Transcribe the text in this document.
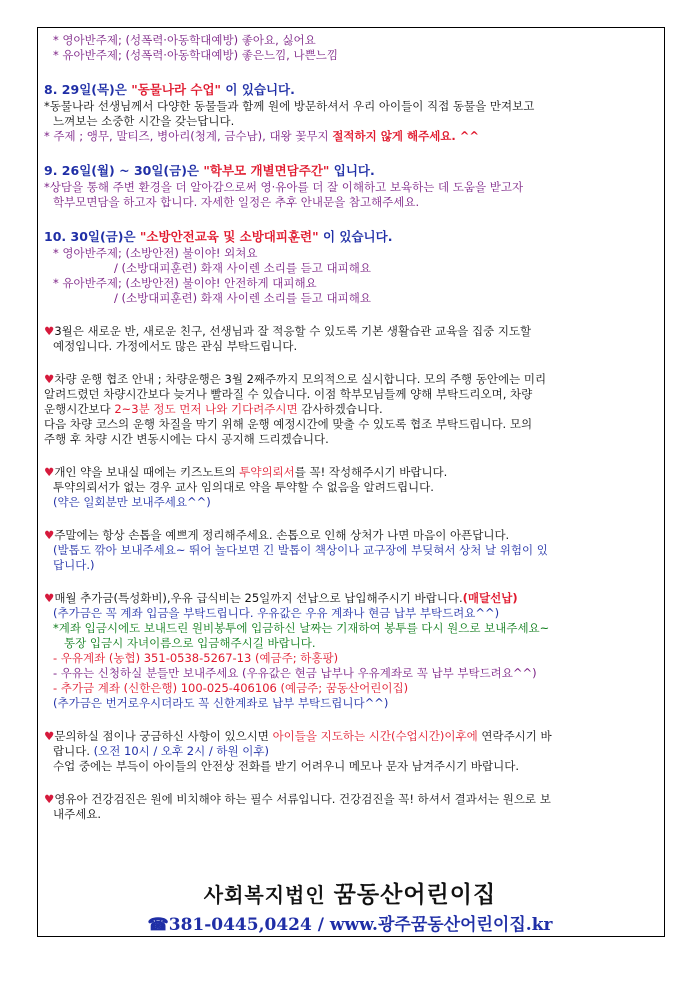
* 영아반주제; (성폭력·아동학대예방) 좋아요, 싫어요
* 유아반주제; (성폭력·아동학대예방) 좋은느낌, 나쁜느낌
8. 29일(목)은 "동물나라 수업" 이 있습니다.
*동물나라 선생님께서 다양한 동물들과 함께 원에 방문하셔서 우리 아이들이 직접 동물을 만져보고
느껴보는 소중한 시간을 갖는답니다.
* 주제 ; 앵무, 말티즈, 병아리(청계, 금수남), 대왕 꽃무지 절적하지 않게 해주세요. ^^
9. 26일(월) ~ 30일(금)은 "학부모 개별면담주간" 입니다.
*상담을 통해 주변 환경을 더 알아감으로써 영·유아를 더 잘 이해하고 보육하는 데 도움을 받고자
학부모면담을 하고자 합니다. 자세한 일정은 추후 안내문을 참고해주세요.
10. 30일(금)은 "소방안전교육 및 소방대피훈련" 이 있습니다.
* 영아반주제; (소방안전) 불이야! 외쳐요
/ (소방대피훈련) 화재 사이렌 소리를 듣고 대피해요
* 유아반주제; (소방안전) 불이야! 안전하게 대피해요
/ (소방대피훈련) 화재 사이렌 소리를 듣고 대피해요
♥3월은 새로운 반, 새로운 친구, 선생님과 잘 적응할 수 있도록 기본 생활습관 교육을 집중 지도할
예정입니다. 가정에서도 많은 관심 부탁드립니다.
♥차량 운행 협조 안내 ; 차량운행은 3월 2째주까지 모의적으로 실시합니다. 모의 주행 동안에는 미리
알려드렸던 차량시간보다 늦거나 빨라질 수 있습니다. 이점 학부모님들께 양해 부탁드리오며, 차량
운행시간보다 2~3분 정도 먼저 나와 기다려주시면 감사하겠습니다.
다음 차량 코스의 운행 차질을 막기 위해 운행 예정시간에 맞출 수 있도록 협조 부탁드립니다. 모의
주행 후 차량 시간 변동시에는 다시 공지해 드리겠습니다.
♥개인 약을 보내실 때에는 키즈노트의 투약의뢰서를 꼭! 작성해주시기 바랍니다.
투약의뢰서가 없는 경우 교사 임의대로 약을 투약할 수 없음을 알려드립니다.
(약은 일회분만 보내주세요^^)
♥주말에는 항상 손톱을 예쁘게 정리해주세요. 손톱으로 인해 상처가 나면 마음이 아픈답니다.
(발톱도 깎아 보내주세요~ 뛰어 놀다보면 긴 발톱이 책상이나 교구장에 부딪혀서 상처 날 위험이 있
답니다.)
♥매월 추가금(특성화비),우유 급식비는 25일까지 선납으로 납입해주시기 바랍니다.(매달선납)
(추가금은 꼭 계좌 입금을 부탁드립니다. 우유값은 우유 계좌나 현금 납부 부탁드려요^^)
*계좌 입금시에도 보내드린 원비봉투에 입금하신 날짜는 기재하여 봉투를 다시 원으로 보내주세요~
통장 입금시 자녀이름으로 입금해주시길 바랍니다.
- 우유계좌 (농협) 351-0538-5267-13 (예금주; 하홍팡)
- 우유는 신청하실 분들만 보내주세요 (우유값은 현금 납부나 우유계좌로 꼭 납부 부탁드려요^^)
- 추가금 계좌 (신한은행) 100-025-406106 (예금주; 꿈동산어린이집)
(추가금은 번거로우시더라도 꼭 신한계좌로 납부 부탁드립니다^^)
♥문의하실 점이나 궁금하신 사항이 있으시면 아이들을 지도하는 시간(수업시간)이후에 연락주시기 바
랍니다. (오전 10시 / 오후 2시 / 하원 이후)
수업 중에는 부득이 아이들의 안전상 전화를 받기 어려우니 메모나 문자 남겨주시기 바랍니다.
♥영유아 건강검진은 원에 비치해야 하는 필수 서류입니다. 건강검진을 꼭! 하셔서 결과서는 원으로 보
내주세요.
사회복지법인 꿈동산어린이집
☎381-0445,0424 / www.광주꿈동산어린이집.kr
